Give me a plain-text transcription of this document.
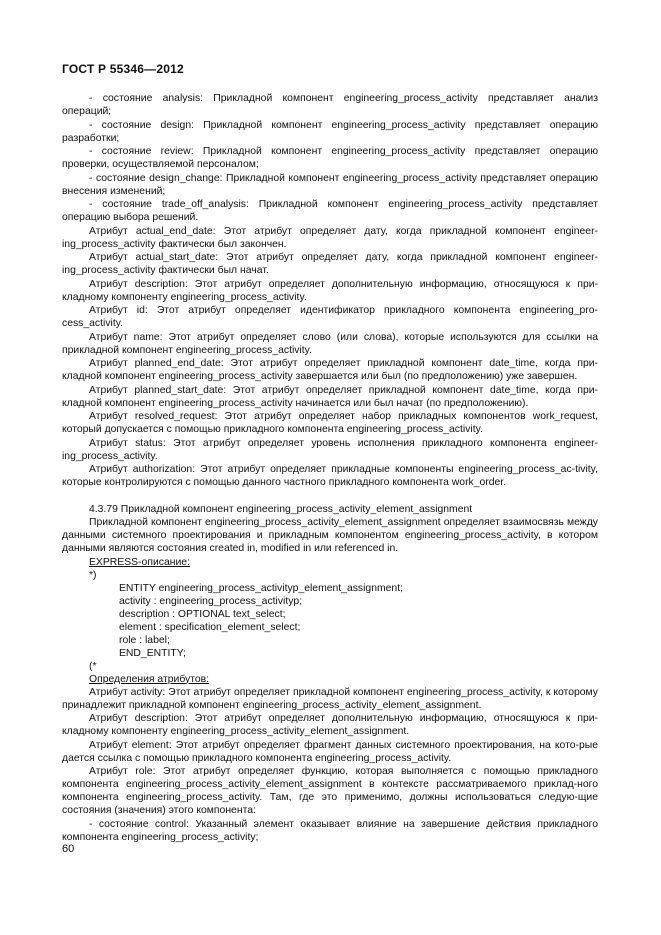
ГОСТ Р 55346—2012

- состояние analysis: Прикладной компонент engineering_process_activity представляет анализ операций;

- состояние design: Прикладной компонент engineering_process_activity представляет операцию разработки;

- состояние review: Прикладной компонент engineering_process_activity представляет операцию проверки, осуществляемой персоналом;

- состояние design_change: Прикладной компонент engineering_process_activity представляет операцию внесения изменений;

- состояние trade_off_analysis: Прикладной компонент engineering_process_activity представляет операцию выбора решений.

Атрибут actual_end_date: Этот атрибут определяет дату, когда прикладной компонент engineer-ing_process_activity фактически был закончен.

Атрибут actual_start_date: Этот атрибут определяет дату, когда прикладной компонент engineer-ing_process_activity фактически был начат.

Атрибут description: Этот атрибут определяет дополнительную информацию, относящуюся к при-кладному компоненту engineering_process_activity.

Атрибут id: Этот атрибут определяет идентификатор прикладного компонента engineering_pro-cess_activity.

Атрибут name: Этот атрибут определяет слово (или слова), которые используются для ссылки на прикладной компонент engineering_process_activity.

Атрибут planned_end_date: Этот атрибут определяет прикладной компонент date_time, когда при-кладной компонент engineering_process_activity завершается или был (по предположению) уже завершен.

Атрибут planned_start_date: Этот атрибут определяет прикладной компонент date_time, когда при-кладной компонент engineering_process_activity начинается или был начат (по предположению).

Атрибут resolved_request: Этот атрибут определяет набор прикладных компонентов work_request, который допускается с помощью прикладного компонента engineering_process_activity.

Атрибут status: Этот атрибут определяет уровень исполнения прикладного компонента engineer-ing_process_activity.

Атрибут authorization: Этот атрибут определяет прикладные компоненты engineering_process_ac-tivity, которые контролируются с помощью данного частного прикладного компонента work_order.

4.3.79 Прикладной компонент engineering_process_activity_element_assignment

Прикладной компонент engineering_process_activity_element_assignment определяет взаимосвязь между данными системного проектирования и прикладным компонентом engineering_process_activity, в котором данными являются состояния created in, modified in или referenced in.

EXPRESS-описание:

*)

ENTITY engineering_process_activityp_element_assignment;

activity : engineering_process_activityp;

description : OPTIONAL text_select;

element : specification_element_select;

role : label;

END_ENTITY;

(*

Определения атрибутов:

Атрибут activity: Этот атрибут определяет прикладной компонент engineering_process_activity, к которому принадлежит прикладной компонент engineering_process_activity_element_assignment.

Атрибут description: Этот атрибут определяет дополнительную информацию, относящуюся к при-кладному компоненту engineering_process_activity_element_assignment.

Атрибут element: Этот атрибут определяет фрагмент данных системного проектирования, на кото-рые дается ссылка с помощью прикладного компонента engineering_process_activity.

Атрибут role: Этот атрибут определяет функцию, которая выполняется с помощью прикладного компонента engineering_process_activity_element_assignment в контексте рассматриваемого приклад-ного компонента engineering_process_activity. Там, где это применимо, должны использоваться следую-щие состояния (значения) этого компонента:

- состояние control: Указанный элемент оказывает влияние на завершение действия прикладного компонента engineering_process_activity;

60
